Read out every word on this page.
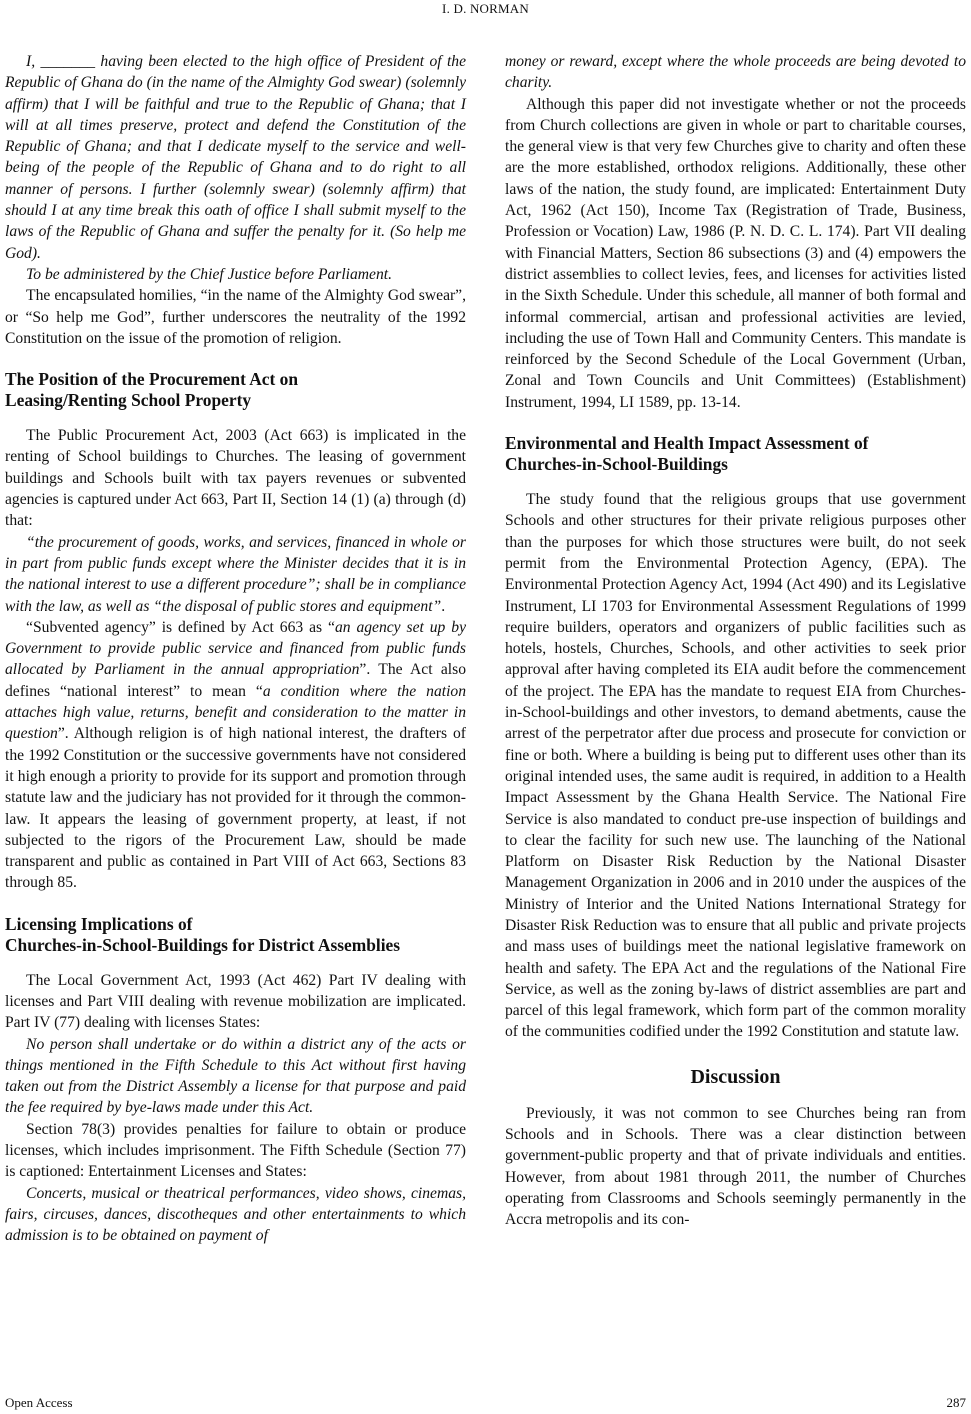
I. D. NORMAN

I, _______ having been elected to the high office of President of the Republic of Ghana do (in the name of the Almighty God swear) (solemnly affirm) that I will be faithful and true to the Republic of Ghana; that I will at all times preserve, protect and defend the Constitution of the Republic of Ghana; and that I dedicate myself to the service and well-being of the people of the Republic of Ghana and to do right to all manner of persons. I further (solemnly swear) (solemnly affirm) that should I at any time break this oath of office I shall submit myself to the laws of the Republic of Ghana and suffer the penalty for it. (So help me God).

To be administered by the Chief Justice before Parliament.

The encapsulated homilies, “in the name of the Almighty God swear”, or “So help me God”, further underscores the neutrality of the 1992 Constitution on the issue of the promotion of religion.

The Position of the Procurement Act on
Leasing/Renting School Property

The Public Procurement Act, 2003 (Act 663) is implicated in the renting of School buildings to Churches. The leasing of government buildings and Schools built with tax payers revenues or subvented agencies is captured under Act 663, Part II, Section 14 (1) (a) through (d) that:

“the procurement of goods, works, and services, financed in whole or in part from public funds except where the Minister decides that it is in the national interest to use a different procedure”; shall be in compliance with the law, as well as “the disposal of public stores and equipment”.

“Subvented agency” is defined by Act 663 as “an agency set up by Government to provide public service and financed from public funds allocated by Parliament in the annual appropriation”. The Act also defines “national interest” to mean “a condition where the nation attaches high value, returns, benefit and consideration to the matter in question”. Although religion is of high national interest, the drafters of the 1992 Constitution or the successive governments have not considered it high enough a priority to provide for its support and promotion through statute law and the judiciary has not provided for it through the common-law. It appears the leasing of government property, at least, if not subjected to the rigors of the Procurement Law, should be made transparent and public as contained in Part VIII of Act 663, Sections 83 through 85.

Licensing Implications of
Churches-in-School-Buildings for District Assemblies

The Local Government Act, 1993 (Act 462) Part IV dealing with licenses and Part VIII dealing with revenue mobilization are implicated. Part IV (77) dealing with licenses States:

No person shall undertake or do within a district any of the acts or things mentioned in the Fifth Schedule to this Act without first having taken out from the District Assembly a license for that purpose and paid the fee required by bye-laws made under this Act.

Section 78(3) provides penalties for failure to obtain or produce licenses, which includes imprisonment. The Fifth Schedule (Section 77) is captioned: Entertainment Licenses and States:

Concerts, musical or theatrical performances, video shows, cinemas, fairs, circuses, dances, discotheques and other entertainments to which admission is to be obtained on payment of

money or reward, except where the whole proceeds are being devoted to charity.

Although this paper did not investigate whether or not the proceeds from Church collections are given in whole or part to charitable courses, the general view is that very few Churches give to charity and often these are the more established, orthodox religions. Additionally, these other laws of the nation, the study found, are implicated: Entertainment Duty Act, 1962 (Act 150), Income Tax (Registration of Trade, Business, Profession or Vocation) Law, 1986 (P. N. D. C. L. 174). Part VII dealing with Financial Matters, Section 86 subsections (3) and (4) empowers the district assemblies to collect levies, fees, and licenses for activities listed in the Sixth Schedule. Under this schedule, all manner of both formal and informal commercial, artisan and professional activities are levied, including the use of Town Hall and Community Centers. This mandate is reinforced by the Second Schedule of the Local Government (Urban, Zonal and Town Councils and Unit Committees) (Establishment) Instrument, 1994, LI 1589, pp. 13-14.

Environmental and Health Impact Assessment of
Churches-in-School-Buildings

The study found that the religious groups that use government Schools and other structures for their private religious purposes other than the purposes for which those structures were built, do not seek permit from the Environmental Protection Agency, (EPA). The Environmental Protection Agency Act, 1994 (Act 490) and its Legislative Instrument, LI 1703 for Environmental Assessment Regulations of 1999 require builders, operators and organizers of public facilities such as hotels, hostels, Churches, Schools, and other activities to seek prior approval after having completed its EIA audit before the commencement of the project. The EPA has the mandate to request EIA from Churches-in-School-buildings and other investors, to demand abetments, cause the arrest of the perpetrator after due process and prosecute for conviction or fine or both. Where a building is being put to different uses other than its original intended uses, the same audit is required, in addition to a Health Impact Assessment by the Ghana Health Service. The National Fire Service is also mandated to conduct pre-use inspection of buildings and to clear the facility for such new use. The launching of the National Platform on Disaster Risk Reduction by the National Disaster Management Organization in 2006 and in 2010 under the auspices of the Ministry of Interior and the United Nations International Strategy for Disaster Risk Reduction was to ensure that all public and private projects and mass uses of buildings meet the national legislative framework on health and safety. The EPA Act and the regulations of the National Fire Service, as well as the zoning by-laws of district assemblies are part and parcel of this legal framework, which form part of the common morality of the communities codified under the 1992 Constitution and statute law.

Discussion

Previously, it was not common to see Churches being ran from Schools and in Schools. There was a clear distinction between government-public property and that of private individuals and entities. However, from about 1981 through 2011, the number of Churches operating from Classrooms and Schools seemingly permanently in the Accra metropolis and its con-

Open Access	287
